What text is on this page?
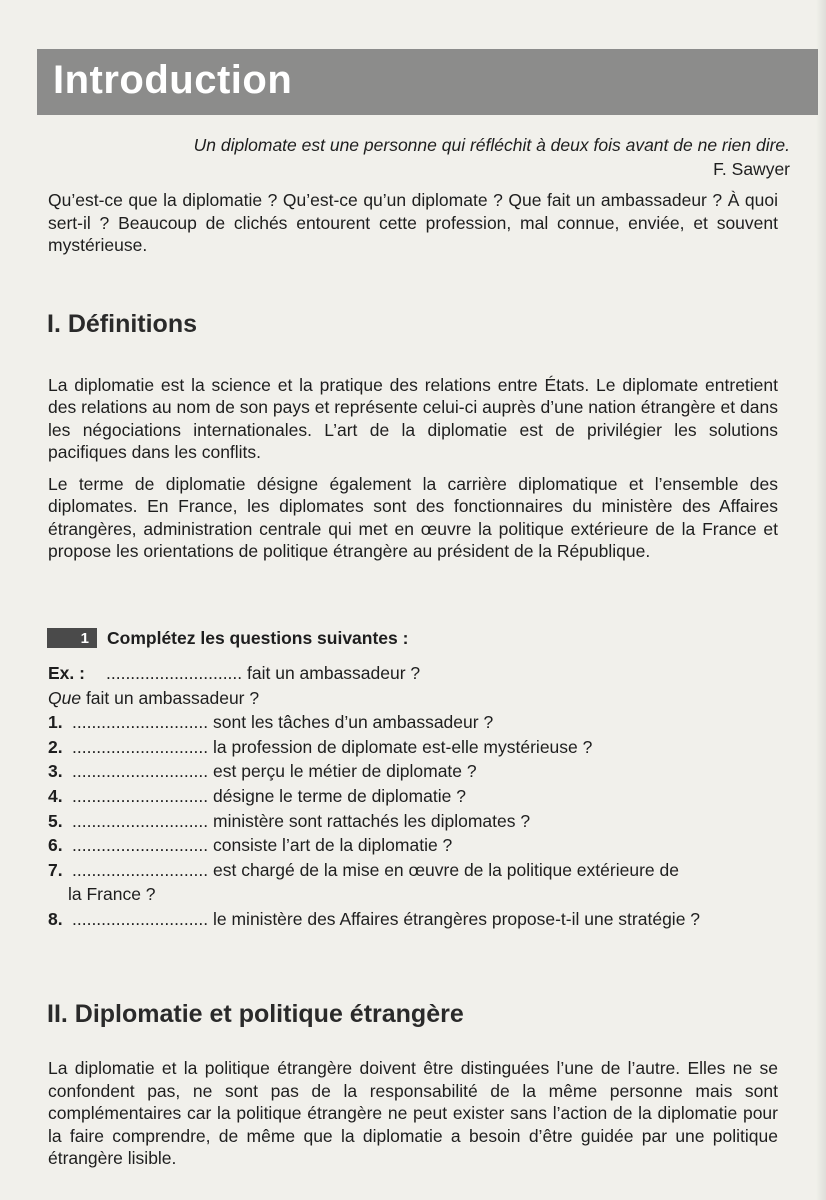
Introduction
Un diplomate est une personne qui réfléchit à deux fois avant de ne rien dire.
F. Sawyer
Qu’est-ce que la diplomatie ? Qu’est-ce qu’un diplomate ? Que fait un ambassadeur ? À quoi sert-il ? Beaucoup de clichés entourent cette profession, mal connue, enviée, et souvent mystérieuse.
I. Définitions
La diplomatie est la science et la pratique des relations entre États. Le diplomate entretient des relations au nom de son pays et représente celui-ci auprès d’une nation étrangère et dans les négociations internationales. L’art de la diplomatie est de privilégier les solutions pacifiques dans les conflits.
Le terme de diplomatie désigne également la carrière diplomatique et l’ensemble des diplomates. En France, les diplomates sont des fonctionnaires du ministère des Affaires étrangères, administration centrale qui met en œuvre la politique extérieure de la France et propose les orientations de politique étrangère au président de la République.
1	Complétez les questions suivantes :
Ex. : ............................ fait un ambassadeur ?
Que fait un ambassadeur ?
1. ............................ sont les tâches d’un ambassadeur ?
2. ............................ la profession de diplomate est-elle mystérieuse ?
3. ............................ est perçu le métier de diplomate ?
4. ............................ désigne le terme de diplomatie ?
5. ............................ ministère sont rattachés les diplomates ?
6. ............................ consiste l’art de la diplomatie ?
7. ............................ est chargé de la mise en œuvre de la politique extérieure de
la France ?
8. ............................ le ministère des Affaires étrangères propose-t-il une stratégie ?
II. Diplomatie et politique étrangère
La diplomatie et la politique étrangère doivent être distinguées l’une de l’autre. Elles ne se confondent pas, ne sont pas de la responsabilité de la même personne mais sont complémentaires car la politique étrangère ne peut exister sans l’action de la diplomatie pour la faire comprendre, de même que la diplomatie a besoin d’être guidée par une politique étrangère lisible.
